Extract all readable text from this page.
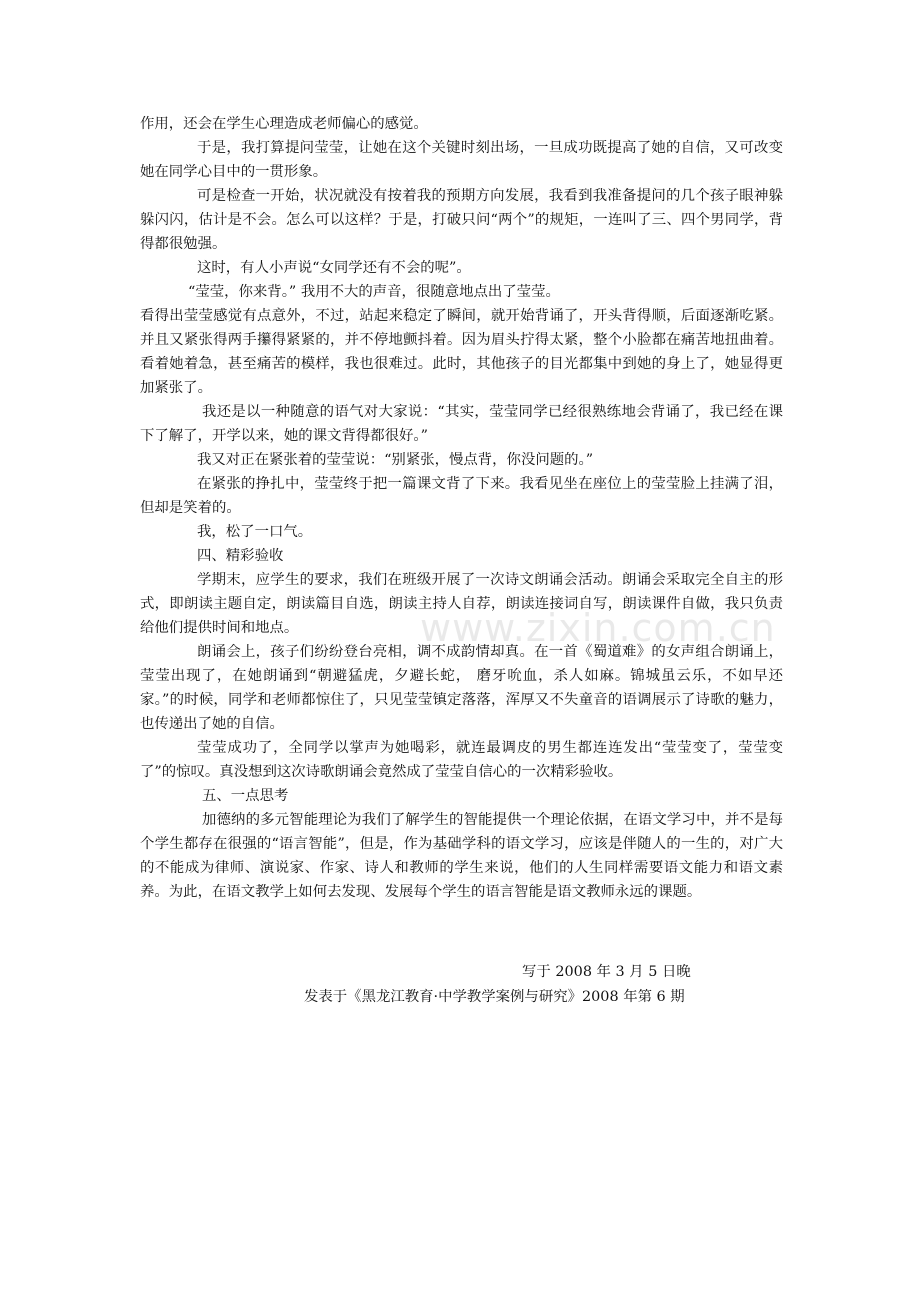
作用，还会在学生心理造成老师偏心的感觉。

于是，我打算提问莹莹，让她在这个关键时刻出场，一旦成功既提高了她的自信，又可改变她在同学心目中的一贯形象。

可是检查一开始，状况就没有按着我的预期方向发展，我看到我准备提问的几个孩子眼神躲躲闪闪，估计是不会。怎么可以这样？于是，打破只问“两个”的规矩，一连叫了三、四个男同学，背得都很勉强。

这时，有人小声说“女同学还有不会的呢”。

“莹莹，你来背。” 我用不大的声音，很随意地点出了莹莹。

看得出莹莹感觉有点意外，不过，站起来稳定了瞬间，就开始背诵了，开头背得顺，后面逐渐吃紧。并且又紧张得两手攥得紧紧的，并不停地颤抖着。因为眉头拧得太紧，整个小脸都在痛苦地扭曲着。看着她着急，甚至痛苦的模样，我也很难过。此时，其他孩子的目光都集中到她的身上了，她显得更加紧张了。

我还是以一种随意的语气对大家说：“其实，莹莹同学已经很熟练地会背诵了，我已经在课下了解了，开学以来，她的课文背得都很好。”

我又对正在紧张着的莹莹说：“别紧张，慢点背，你没问题的。”

在紧张的挣扎中，莹莹终于把一篇课文背了下来。我看见坐在座位上的莹莹脸上挂满了泪，但却是笑着的。

我，松了一口气。

四、精彩验收

学期末，应学生的要求，我们在班级开展了一次诗文朗诵会活动。朗诵会采取完全自主的形式，即朗读主题自定，朗读篇目自选，朗读主持人自荐，朗读连接词自写，朗读课件自做，我只负责给他们提供时间和地点。

朗诵会上，孩子们纷纷登台亮相，调不成韵情却真。在一首《蜀道难》的女声组合朗诵上，莹莹出现了，在她朗诵到“朝避猛虎，夕避长蛇， 磨牙吮血，杀人如麻。锦城虽云乐，不如早还家。”的时候，同学和老师都惊住了，只见莹莹镇定落落，浑厚又不失童音的语调展示了诗歌的魅力，也传递出了她的自信。

莹莹成功了，全同学以掌声为她喝彩，就连最调皮的男生都连连发出“莹莹变了，莹莹变了”的惊叹。真没想到这次诗歌朗诵会竟然成了莹莹自信心的一次精彩验收。

五、一点思考

加德纳的多元智能理论为我们了解学生的智能提供一个理论依据，在语文学习中，并不是每个学生都存在很强的“语言智能”，但是，作为基础学科的语文学习，应该是伴随人的一生的，对广大的不能成为律师、演说家、作家、诗人和教师的学生来说，他们的人生同样需要语文能力和语文素养。为此，在语文教学上如何去发现、发展每个学生的语言智能是语文教师永远的课题。

写于 2008 年 3 月 5 日晚
发表于《黑龙江教育·中学教学案例与研究》2008 年第 6 期
www.zixin.com.cn
